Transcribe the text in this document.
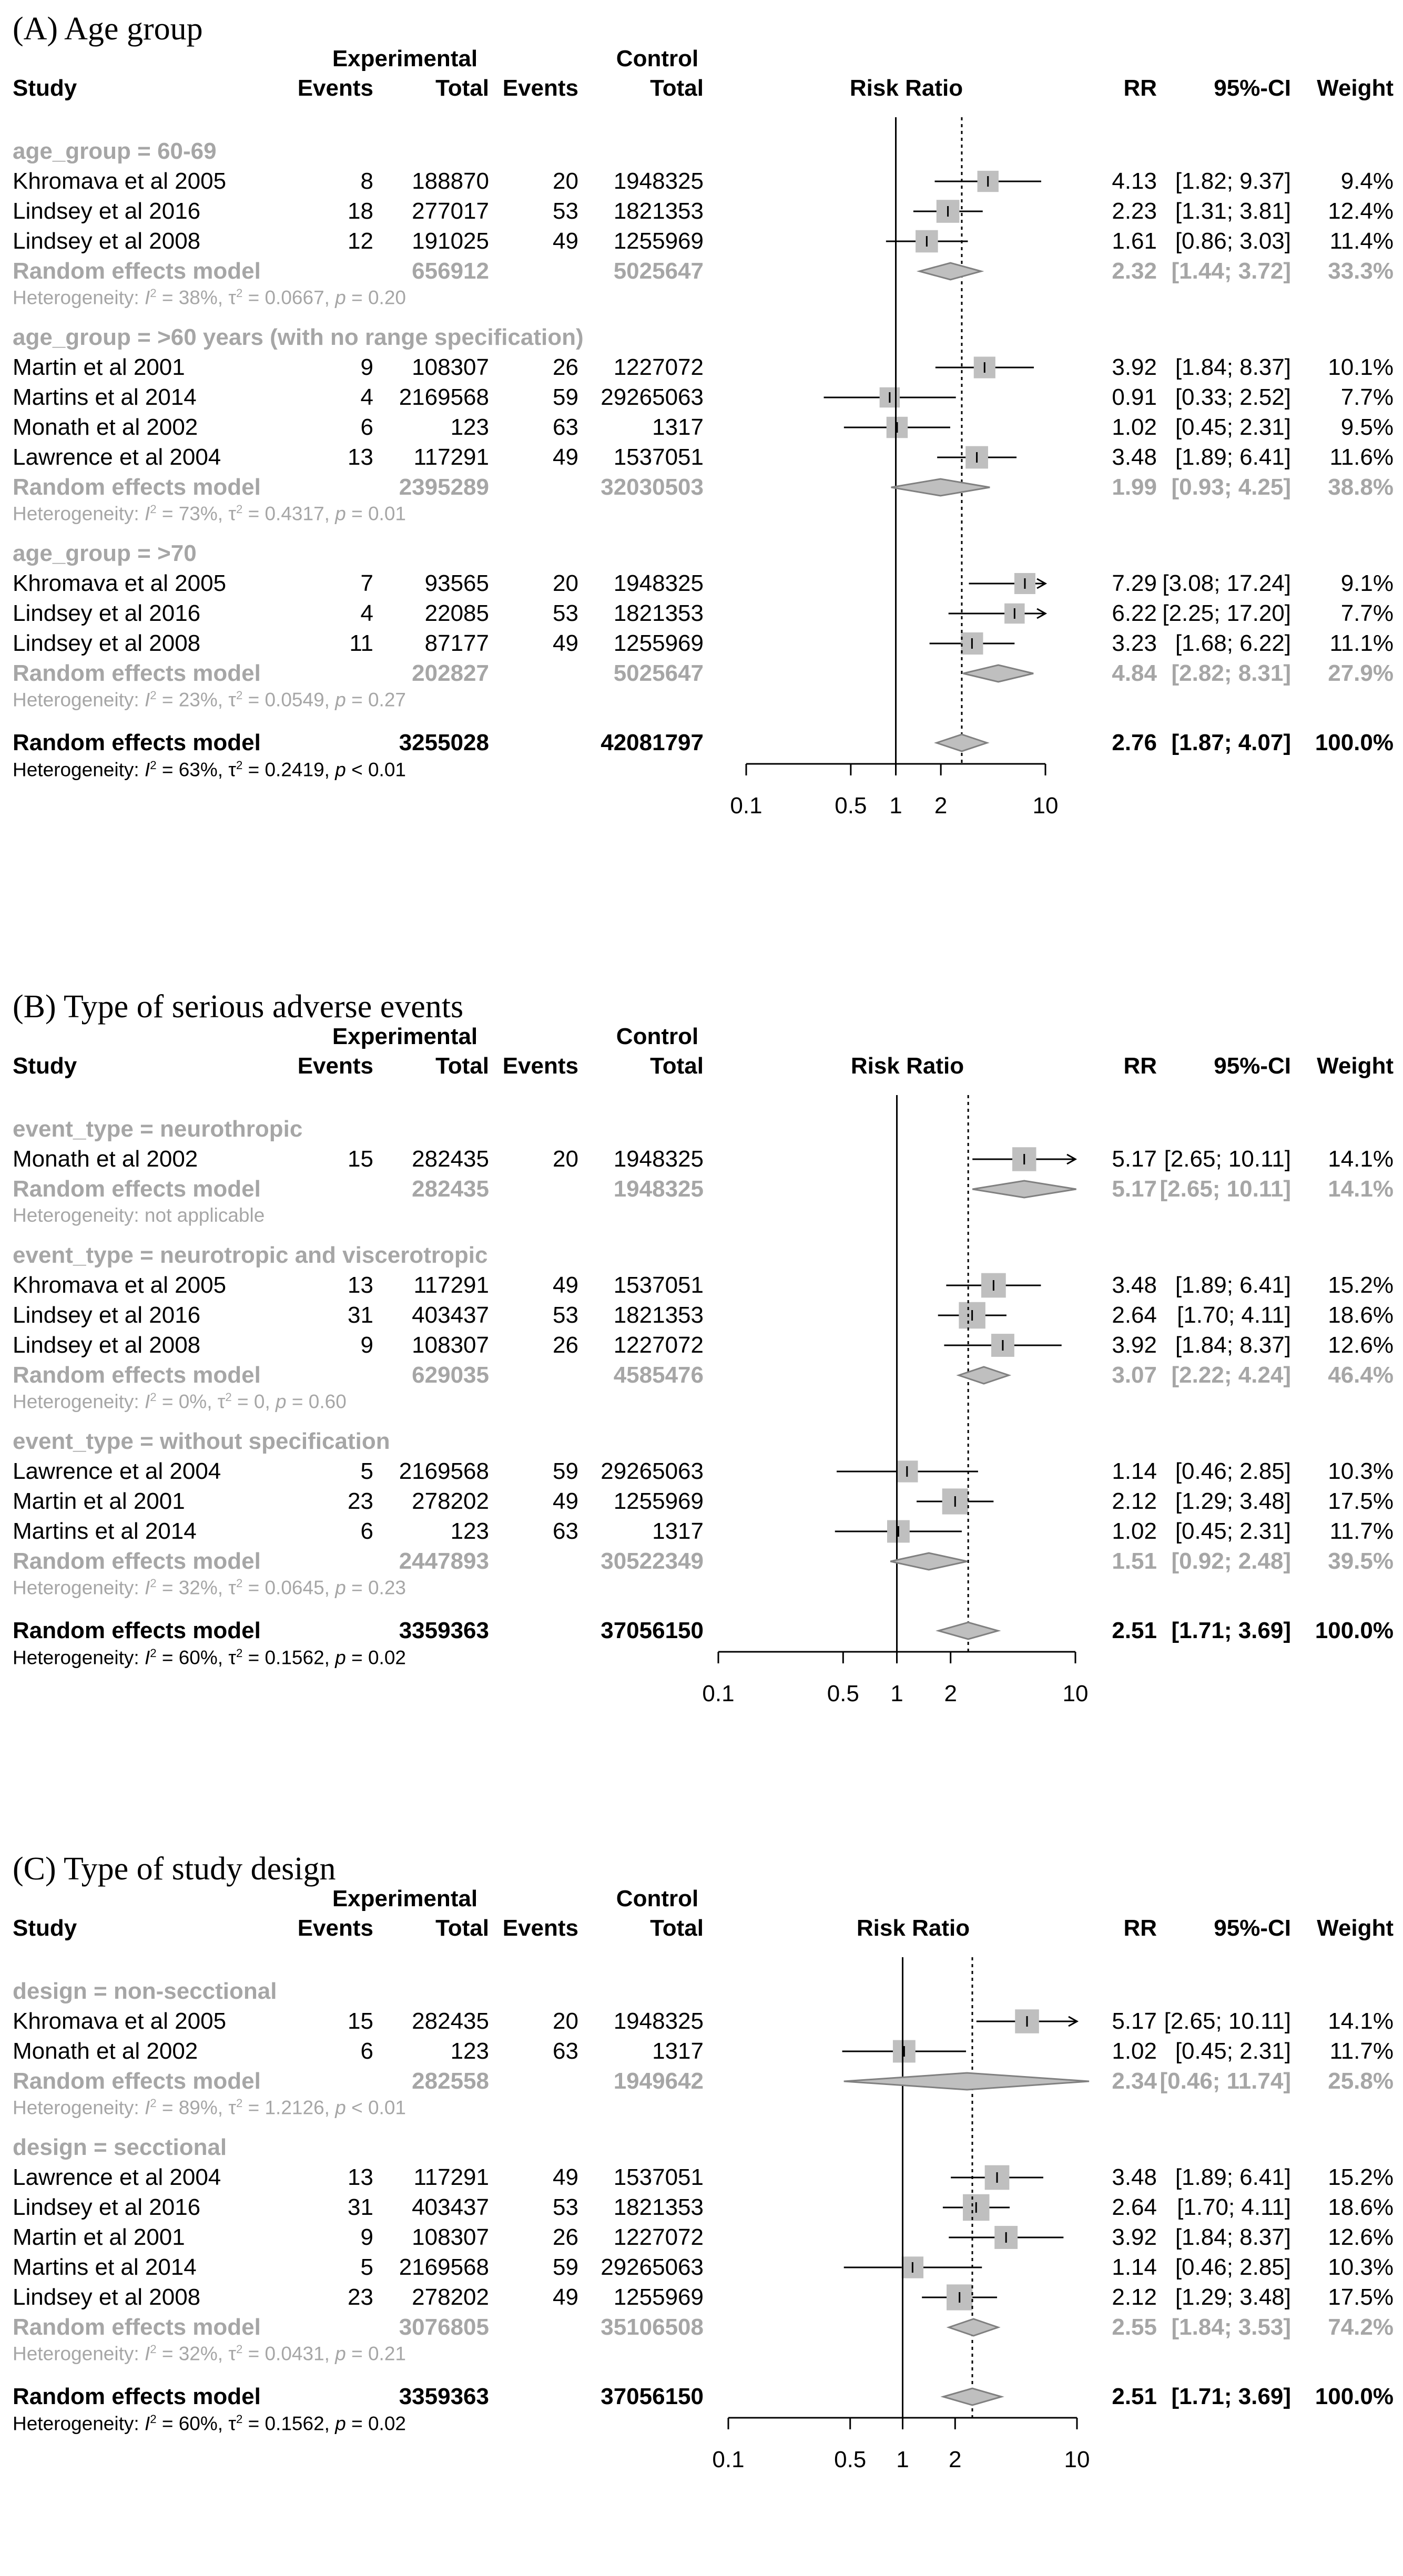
(A) Age group
Experimental	Control
Study	Events	Total Events	Total	Risk Ratio	RR	95%-CI	Weight
age_group = 60-69
Khromava et al 2005	8	188870	20	1948325	4.13 [1.82; 9.37]	9.4%
Lindsey et al 2016	18	277017	53	1821353	2.23 [1.31; 3.81]	12.4%
Lindsey et al 2008	12	191025	49	1255969	1.61 [0.86; 3.03]	11.4%
Random effects model	656912	5025647	2.32 [1.44; 3.72]	33.3%
Heterogeneity: $I^2 = 38\%$, $\tau^2 = 0.0667$, p = 0.20
age_group = >60 years (with no range specification)
Martin et al 2001	9	108307	26	1227072	3.92 [1.84; 8.37]	10.1%
Martins et al 2014	4	2169568	59 29265063	0.91 [0.33; 2.52]	7.7%
Monath et al 2002	6	123	63	1317	1.02 [0.45; 2.31]	9.5%
Lawrence et al 2004	13	117291	49	1537051	3.48 [1.89; 6.41]	11.6%
Random effects model	2395289	32030503	1.99 [0.93; 4.25]	38.8%
Heterogeneity: $I^2 = 73\%$, $\tau^2 = 0.4317$, p = 0.01
age_group = >70
Khromava et al 2005	7	93565	20	1948325	7.29 [3.08; 17.24]	9.1%
Lindsey et al 2016	4	22085	53	1821353	6.22 [2.25; 17.20]	7.7%
Lindsey et al 2008	11	87177	49	1255969	3.23 [1.68; 6.22]	11.1%
Random effects model	202827	5025647	4.84 [2.82; 8.31]	27.9%
Heterogeneity: $I^2 = 23\%$, $\tau^2 = 0.0549$, p = 0.27
Random effects model	3255028	42081797	2.76 [1.87; 4.07]	100.0%
Heterogeneity: $I^2 = 63\%$, $\tau^2 = 0.2419$, p < 0.01
0.1	0.5 1	2	10
(B) Type of serious adverse events
Experimental	Control
Study	Events	Total Events	Total	Risk Ratio	RR	95%-CI	Weight
event_type = neurothropic
Monath et al 2002	15	282435	20	1948325	5.17 [2.65; 10.11]	14.1%
Random effects model	282435	1948325	5.17 [2.65; 10.11]	14.1%
Heterogeneity: not applicable
event_type = neurotropic and viscerotropic
Khromava et al 2005	13	117291	49	1537051	3.48 [1.89; 6.41]	15.2%
Lindsey et al 2016	31	403437	53	1821353	2.64 [1.70; 4.11]	18.6%
Lindsey et al 2008	9	108307	26	1227072	3.92 [1.84; 8.37]	12.6%
Random effects model	629035	4585476	3.07 [2.22; 4.24]	46.4%
Heterogeneity: $I^2 = 0\%$, $\tau^2 = 0$, p = 0.60
event_type = without specification
Lawrence et al 2004	5	2169568	59 29265063	1.14 [0.46; 2.85]	10.3%
Martin et al 2001	23	278202	49	1255969	2.12 [1.29; 3.48]	17.5%
Martins et al 2014	6	123	63	1317	1.02 [0.45; 2.31]	11.7%
Random effects model	2447893	30522349	1.51 [0.92; 2.48]	39.5%
Heterogeneity: $I^2 = 32\%$, $\tau^2 = 0.0645$, p = 0.23
Random effects model	3359363	37056150	2.51 [1.71; 3.69]	100.0%
Heterogeneity: $I^2 = 60\%$, $\tau^2 = 0.1562$, p = 0.02
0.1	0.5	1	2	10
(C) Type of study design
Experimental	Control
Study	Events	Total Events	Total	Risk Ratio	RR	95%-CI	Weight
design = non-secctional
Khromava et al 2005	15	282435	20	1948325	5.17 [2.65; 10.11]	14.1%
Monath et al 2002	6	123	63	1317	1.02 [0.45; 2.31]	11.7%
Random effects model	282558	1949642	2.34 [0.46; 11.74]	25.8%
Heterogeneity: $I^2 = 89\%$, $\tau^2 = 1.2126$, p < 0.01
design = secctional
Lawrence et al 2004	13	117291	49	1537051	3.48 [1.89; 6.41]	15.2%
Lindsey et al 2016	31	403437	53	1821353	2.64 [1.70; 4.11]	18.6%
Martin et al 2001	9	108307	26	1227072	3.92 [1.84; 8.37]	12.6%
Martins et al 2014	5	2169568	59 29265063	1.14 [0.46; 2.85]	10.3%
Lindsey et al 2008	23	278202	49	1255969	2.12 [1.29; 3.48]	17.5%
Random effects model	3076805	35106508	2.55 [1.84; 3.53]	74.2%
Heterogeneity: $I^2 = 32\%$, $\tau^2 = 0.0431$, p = 0.21
Random effects model	3359363	37056150	2.51 [1.71; 3.69]	100.0%
Heterogeneity: $I^2 = 60\%$, $\tau^2 = 0.1562$, p = 0.02
0.1	0.5	1	2	10
